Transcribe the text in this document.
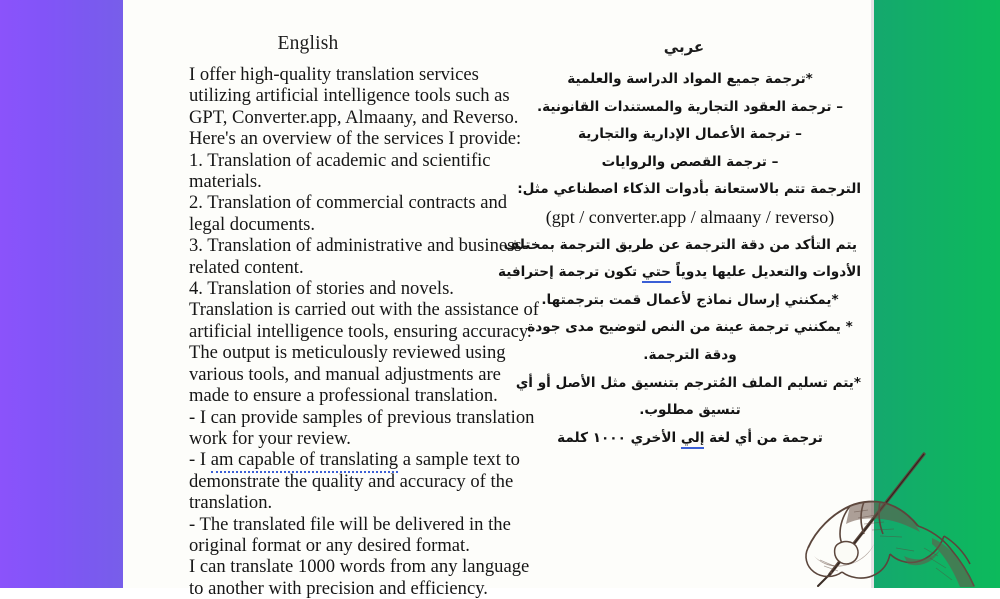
English
I offer high-quality translation services
utilizing artificial intelligence tools such as
GPT, Converter.app, Almaany, and Reverso.
Here's an overview of the services I provide:
1. Translation of academic and scientific
materials.
2. Translation of commercial contracts and
legal documents.
3. Translation of administrative and business-
related content.
4. Translation of stories and novels.
Translation is carried out with the assistance of
artificial intelligence tools, ensuring accuracy.
The output is meticulously reviewed using
various tools, and manual adjustments are
made to ensure a professional translation.
- I can provide samples of previous translation
work for your review.
- I am capable of translating a sample text to
demonstrate the quality and accuracy of the
translation.
- The translated file will be delivered in the
original format or any desired format.
I can translate 1000 words from any language
to another with precision and efficiency.
عربي
*ترجمة جميع المواد الدراسة والعلمية
– ترجمة العقود التجارية والمستندات القانونية.
– ترجمة الأعمال الإدارية والتجارية
– ترجمة القصص والروايات
الترجمة تتم بالاستعانة بأدوات الذكاء اصطناعي مثل:
(gpt / converter.app / almaany / reverso)
يتم التأكد من دقة الترجمة عن طريق الترجمة بمختلف
الأدوات والتعديل عليها يدوياً حتي تكون ترجمة إحترافية
*يمكنني إرسال نماذج لأعمال قمت بترجمتها.
* يمكنني ترجمة عينة من النص لتوضيح مدى جودة
ودقة الترجمة.
*يتم تسليم الملف المُترجم بتنسيق مثل الأصل أو أي
تنسيق مطلوب.
ترجمة من أي لغة إلي الأخري ١٠٠٠ كلمة
